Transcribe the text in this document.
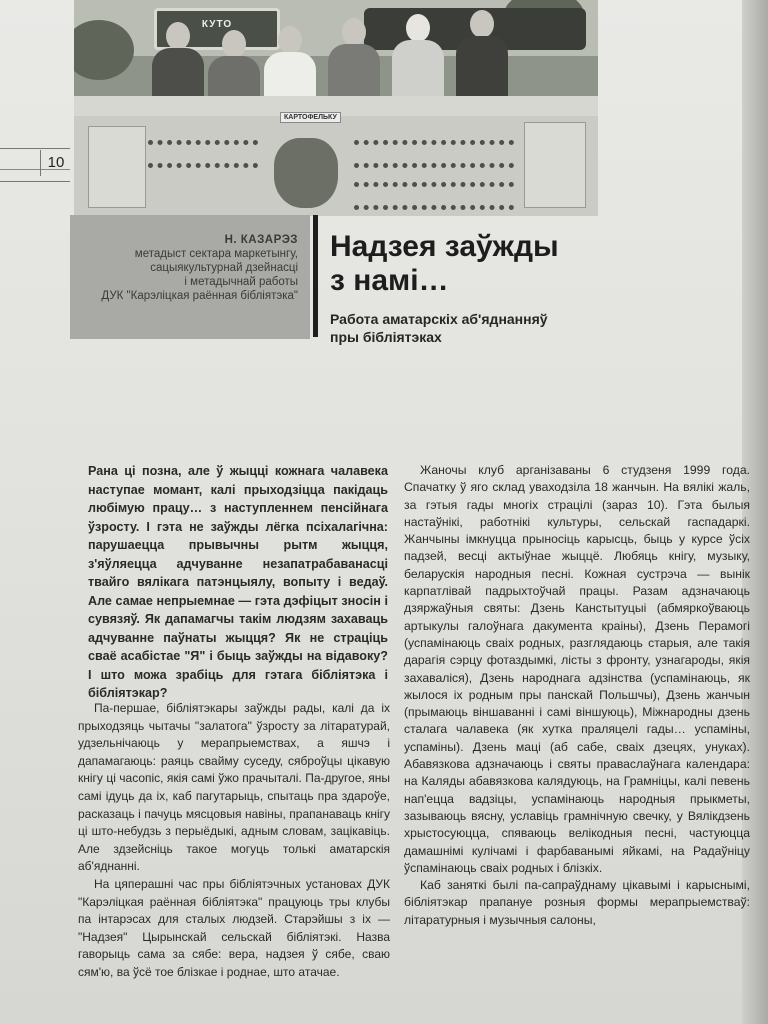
10
КУТО
КАРТОФЕЛЬКУ
Н. КАЗАРЭЗ
метадыст сектара маркетынгу,
сацыякультурнай дзейнасці
і метадычнай работы
ДУК "Карэліцкая раённая бібліятэка"
Надзея заўжды
з намі…
Работа аматарскіх аб'яднанняў
пры бібліятэках

Рана ці позна, але ў жыцці кожнага чалавека наступае момант, калі прыходзіцца пакідаць любімую працу… з наступленнем пенсійнага ўзросту. І гэта не заўжды лёгка псіхалагічна: парушаецца прывычны рытм жыцця, з'яўляецца адчуванне незапатрабаванасці твайго вялікага патэнцыялу, вопыту і ведаў. Але самае непрыемнае — гэта дэфіцыт зносін і сувязяў. Як дапамагчы такім людзям захаваць адчуванне паўнаты жыцця? Як не страціць сваё асабістае "Я" і быць заўжды на відавоку? І што можа зрабіць для гэтага бібліятэка і бібліятэкар?

Па-першае, бібліятэкары заўжды рады, калі да іх прыходзяць чытачы "залатога" ўзросту за літаратурай, удзельнічаюць у мерапрыемствах, а яшчэ і дапамагаюць: раяць свайму суседу, сяброўцы цікавую кнігу ці часопіс, якія самі ўжо прачыталі. Па-другое, яны самі ідуць да іх, каб пагутарыць, спытаць пра здароўе, расказаць і пачуць мясцовыя навіны, прапанаваць кнігу ці што-небудзь з перыёдыкі, адным словам, зацікавіць. Але здзейсніць такое могуць толькі аматарскія аб'яднанні.

На цяперашні час пры бібліятэчных установах ДУК "Карэліцкая раённая бібліятэка" працуюць тры клубы па інтарэсах для сталых людзей. Старэйшы з іх — "Надзея" Цырынскай сельскай бібліятэкі. Назва гаворыць сама за сябе: вера, надзея ў сябе, сваю сям'ю, ва ўсё тое блізкае і роднае, што атачае.

Жаночы клуб арганізаваны 6 студзеня 1999 года. Спачатку ў яго склад уваходзіла 18 жанчын. На вялікі жаль, за гэтыя гады многіх страцілі (зараз 10). Гэта былыя настаўнікі, работнікі культуры, сельскай гаспадаркі. Жанчыны імкнуцца прыносіць карысць, быць у курсе ўсіх падзей, весці актыўнае жыццё. Любяць кнігу, музыку, беларускія народныя песні. Кожная сустрэча — вынік карпатлівай падрыхтоўчай працы. Разам адзначаюць дзяржаўныя святы: Дзень Канстытуцыі (абмяркоўваюць артыкулы галоўнага дакумента краіны), Дзень Перамогі (успамінаюць сваіх родных, разглядаюць старыя, але такія дарагія сэрцу фотаздымкі, лісты з фронту, узнагароды, якія захаваліся), Дзень народнага адзінства (успамінаюць, як жылося іх родным пры панскай Польшчы), Дзень жанчын (прымаюць віншаванні і самі віншуюць), Міжнародны дзень сталага чалавека (як хутка праляцелі гады… успаміны, успаміны). Дзень маці (аб сабе, сваіх дзецях, унуках). Абавязкова адзначаюць і святы праваслаўнага календара: на Каляды абавязкова калядуюць, на Грамніцы, калі певень нап'ецца вадзіцы, успамінаюць народныя прыкметы, зазываюць вясну, уславіць грамнічную свечку, у Вялікдзень хрыстосуюцца, спяваюць велікодныя песні, частуюцца дамашнімі кулічамі і фарбаванымі яйкамі, на Радаўніцу ўспамінаюць сваіх родных і блізкіх.

Каб заняткі былі па-сапраўднаму цікавымі і карыснымі, бібліятэкар прапануе розныя формы мерапрыемстваў: літаратурныя і музычныя салоны,
